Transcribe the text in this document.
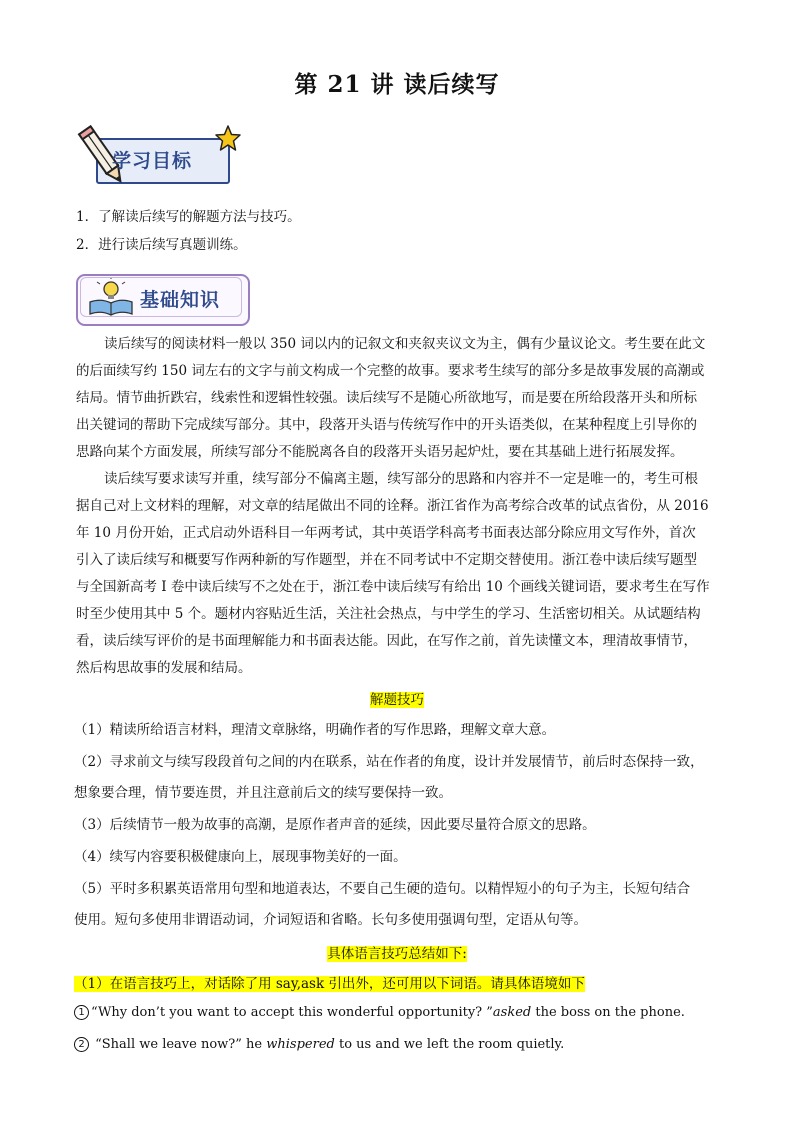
第 21 讲 读后续写
学习目标
1．了解读后续写的解题方法与技巧。
2．进行读后续写真题训练。
基础知识
读后续写的阅读材料一般以 350 词以内的记叙文和夹叙夹议文为主，偶有少量议论文。考生要在此文
的后面续写约 150 词左右的文字与前文构成一个完整的故事。要求考生续写的部分多是故事发展的高潮或
结局。情节曲折跌宕，线索性和逻辑性较强。读后续写不是随心所欲地写，而是要在所给段落开头和所标
出关键词的帮助下完成续写部分。其中，段落开头语与传统写作中的开头语类似，在某种程度上引导你的
思路向某个方面发展，所续写部分不能脱离各自的段落开头语另起炉灶，要在其基础上进行拓展发挥。
读后续写要求读写并重，续写部分不偏离主题，续写部分的思路和内容并不一定是唯一的，考生可根
据自己对上文材料的理解，对文章的结尾做出不同的诠释。浙江省作为高考综合改革的试点省份，从 2016
年 10 月份开始，正式启动外语科目一年两考试，其中英语学科高考书面表达部分除应用文写作外，首次
引入了读后续写和概要写作两种新的写作题型，并在不同考试中不定期交替使用。浙江卷中读后续写题型
与全国新高考 I 卷中读后续写不之处在于，浙江卷中读后续写有给出 10 个画线关键词语，要求考生在写作
时至少使用其中 5 个。题材内容贴近生活，关注社会热点，与中学生的学习、生活密切相关。从试题结构
看，读后续写评价的是书面理解能力和书面表达能。因此，在写作之前，首先读懂文本，理清故事情节，
然后构思故事的发展和结局。
解题技巧
（1）精读所给语言材料，理清文章脉络，明确作者的写作思路，理解文章大意。
（2）寻求前文与续写段段首句之间的内在联系，站在作者的角度，设计并发展情节，前后时态保持一致，
想象要合理，情节要连贯，并且注意前后文的续写要保持一致。
（3）后续情节一般为故事的高潮，是原作者声音的延续，因此要尽量符合原文的思路。
（4）续写内容要积极健康向上，展现事物美好的一面。
（5）平时多积累英语常用句型和地道表达，不要自己生硬的造句。以精悍短小的句子为主，长短句结合
使用。短句多使用非谓语动词，介词短语和省略。长句多使用强调句型，定语从句等。
具体语言技巧总结如下:
（1）在语言技巧上，对话除了用 say,ask 引出外，还可用以下词语。请具体语境如下
1 “Why don’t you want to accept this wonderful opportunity? ”asked the boss on the phone.
2 “Shall we leave now?” he whispered to us and we left the room quietly.
